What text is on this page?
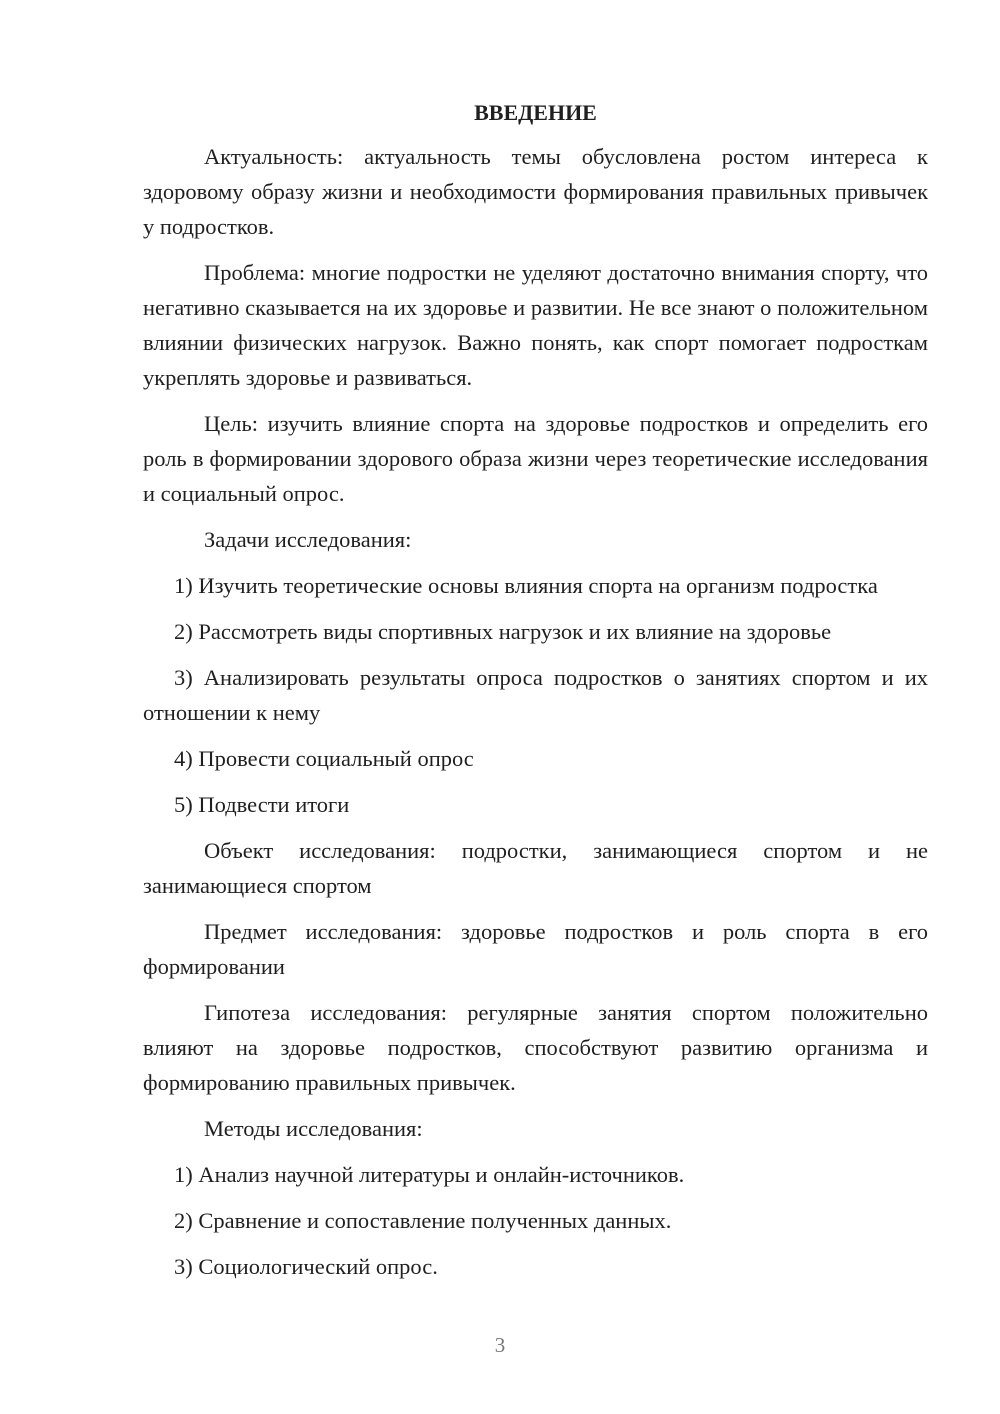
ВВЕДЕНИЕ

Актуальность: актуальность темы обусловлена ростом интереса к здоровому образу жизни и необходимости формирования правильных привычек у подростков.

Проблема: многие подростки не уделяют достаточно внимания спорту, что негативно сказывается на их здоровье и развитии. Не все знают о положительном влиянии физических нагрузок. Важно понять, как спорт помогает подросткам укреплять здоровье и развиваться.

Цель: изучить влияние спорта на здоровье подростков и определить его роль в формировании здорового образа жизни через теоретические исследования и социальный опрос.

Задачи исследования:

1) Изучить теоретические основы влияния спорта на организм подростка

2) Рассмотреть виды спортивных нагрузок и их влияние на здоровье

3) Анализировать результаты опроса подростков о занятиях спортом и их отношении к нему

4) Провести социальный опрос

5) Подвести итоги

Объект исследования: подростки, занимающиеся спортом и не занимающиеся спортом

Предмет исследования: здоровье подростков и роль спорта в его формировании

Гипотеза исследования: регулярные занятия спортом положительно влияют на здоровье подростков, способствуют развитию организма и формированию правильных привычек.

Методы исследования:

1) Анализ научной литературы и онлайн-источников.

2) Сравнение и сопоставление полученных данных.

3) Социологический опрос.

3
